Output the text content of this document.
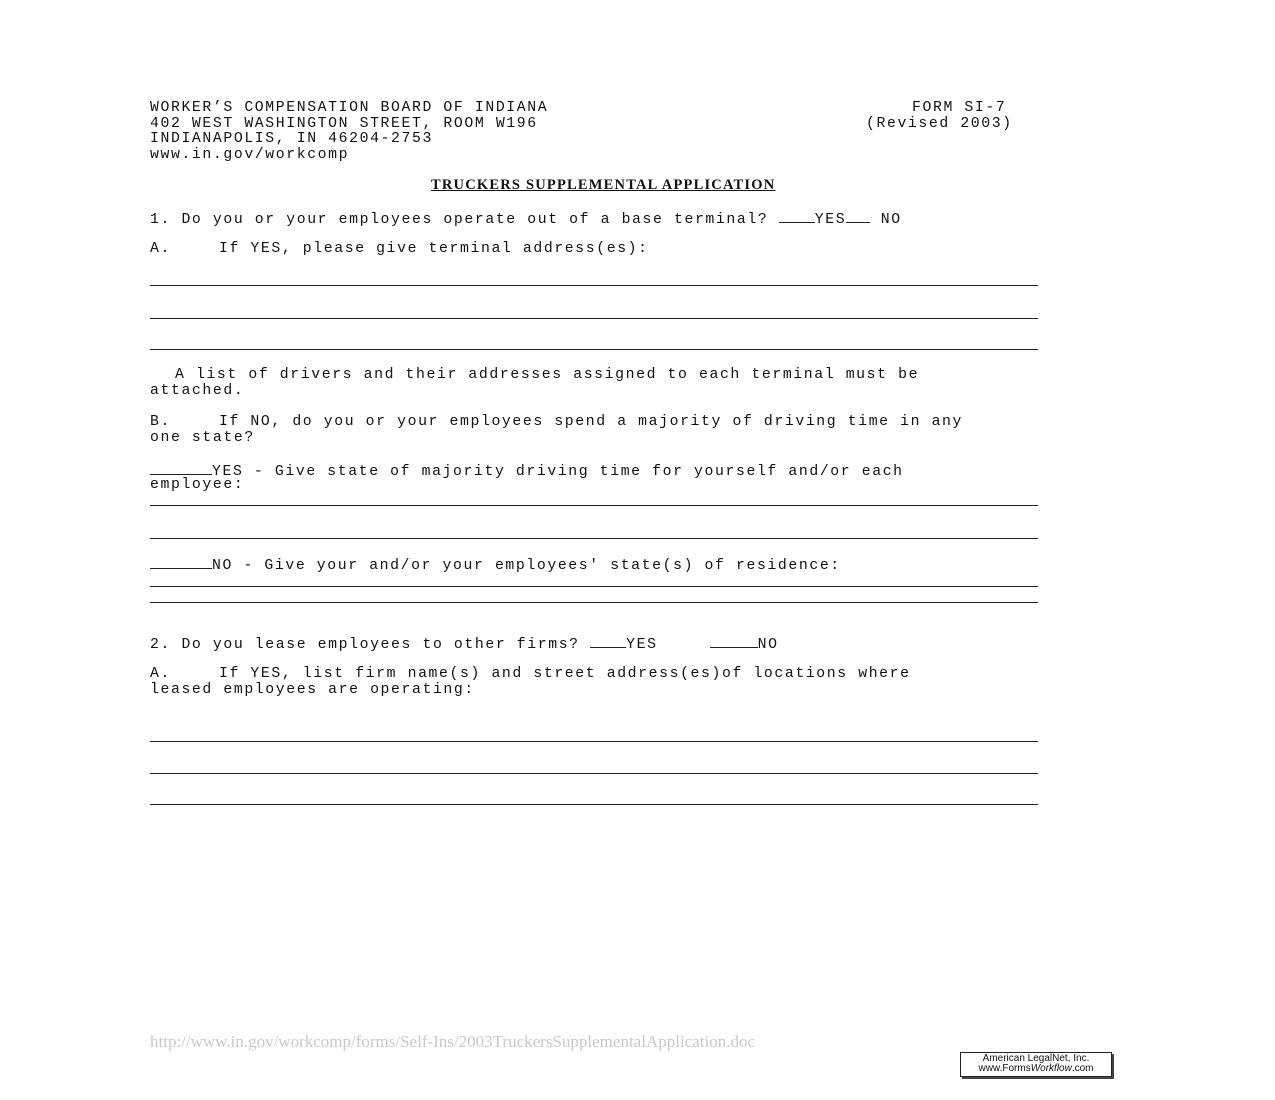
WORKER’S COMPENSATION BOARD OF INDIANA
402 WEST WASHINGTON STREET, ROOM W196
INDIANAPOLIS, IN 46204-2753
www.in.gov/workcomp
FORM SI-7
(Revised 2003)
TRUCKERS SUPPLEMENTAL APPLICATION
1. Do you or your employees operate out of a base terminal?	YES NO
A.	If YES, please give terminal address(es):
A list of drivers and their addresses assigned to each terminal must be
attached.
B.	If NO, do you or your employees spend a majority of driving time in any
one state?
YES - Give state of majority driving time for yourself and/or each
employee:
NO - Give your and/or your employees' state(s) of residence:
2. Do you lease employees to other firms?	YES	NO
A.	If YES, list firm name(s) and street address(es)of locations where
leased employees are operating:
http://www.in.gov/workcomp/forms/Self-Ins/2003TruckersSupplementalApplication.doc
American LegalNet, Inc.
www.FormsWorkflow.com
